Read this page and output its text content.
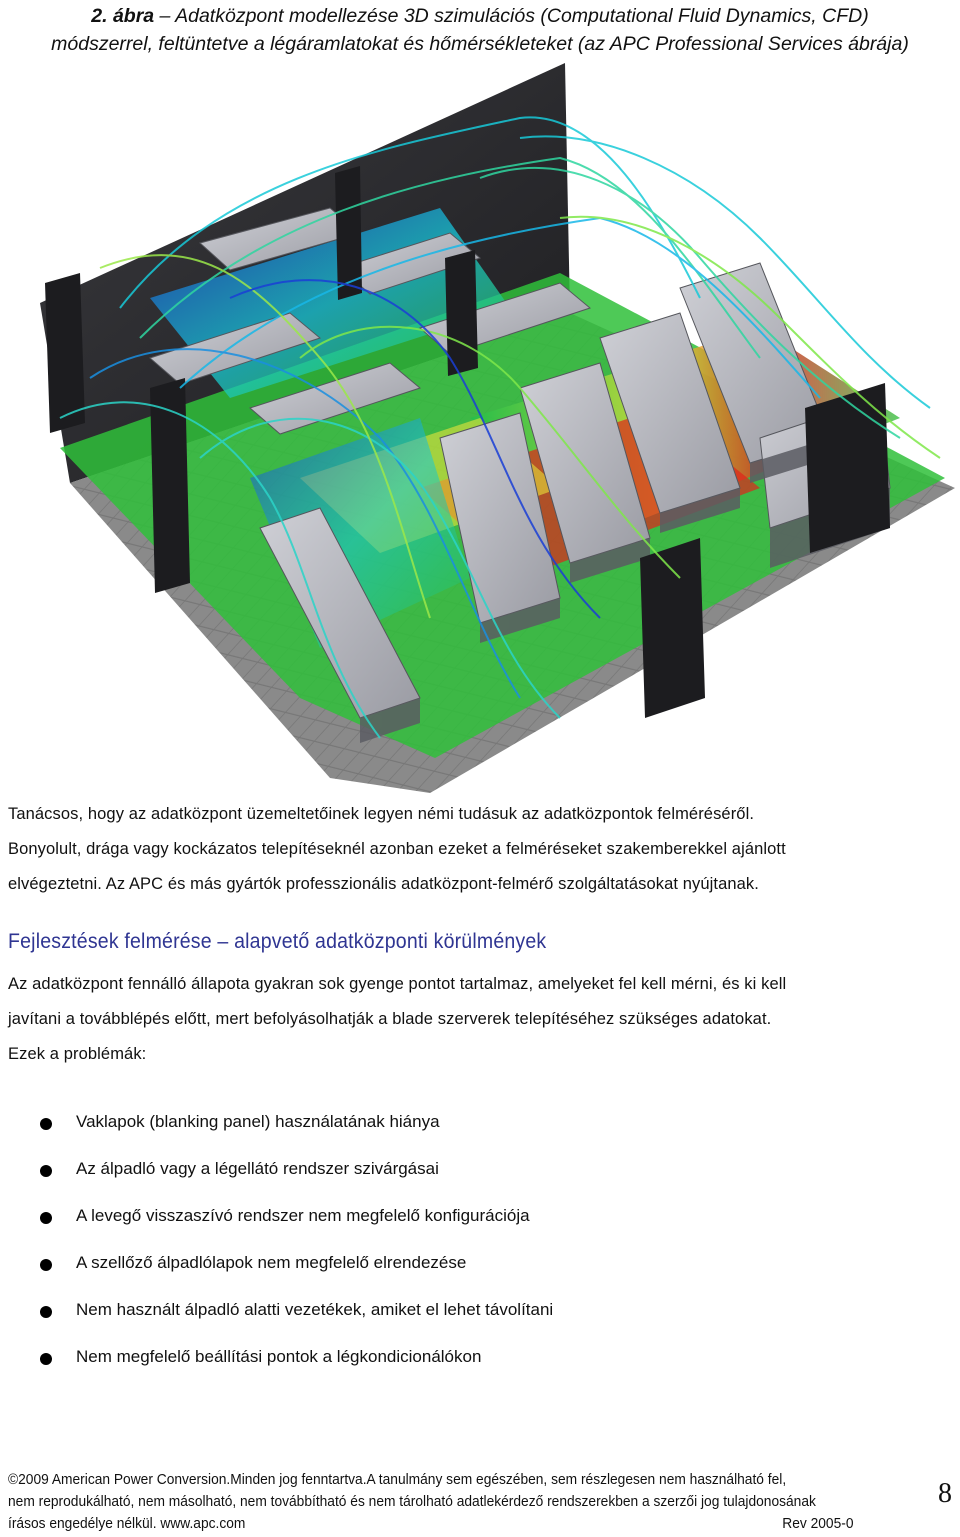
2. ábra – Adatközpont modellezése 3D szimulációs (Computational Fluid Dynamics, CFD)
módszerrel, feltüntetve a légáramlatokat és hőmérsékleteket (az APC Professional Services ábrája)
Tanácsos, hogy az adatközpont üzemeltetőinek legyen némi tudásuk az adatközpontok felméréséről.
Bonyolult, drága vagy kockázatos telepítéseknél azonban ezeket a felméréseket szakemberekkel ajánlott
elvégeztetni. Az APC és más gyártók professzionális adatközpont-felmérő szolgáltatásokat nyújtanak.
Fejlesztések felmérése – alapvető adatközponti körülmények
Az adatközpont fennálló állapota gyakran sok gyenge pontot tartalmaz, amelyeket fel kell mérni, és ki kell
javítani a továbblépés előtt, mert befolyásolhatják a blade szerverek telepítéséhez szükséges adatokat.
Ezek a problémák:
Vaklapok (blanking panel) használatának hiánya
Az álpadló vagy a légellátó rendszer szivárgásai
A levegő visszaszívó rendszer nem megfelelő konfigurációja
A szellőző álpadlólapok nem megfelelő elrendezése
Nem használt álpadló alatti vezetékek, amiket el lehet távolítani
Nem megfelelő beállítási pontok a légkondicionálókon
©2009 American Power Conversion.Minden jog fenntartva.A tanulmány sem egészében, sem részlegesen nem használható fel,
nem reprodukálható, nem másolható, nem továbbítható és nem tárolható adatlekérdező rendszerekben a szerzői jog tulajdonosának
írásos engedélye nélkül. www.apc.com	Rev 2005-0
8
